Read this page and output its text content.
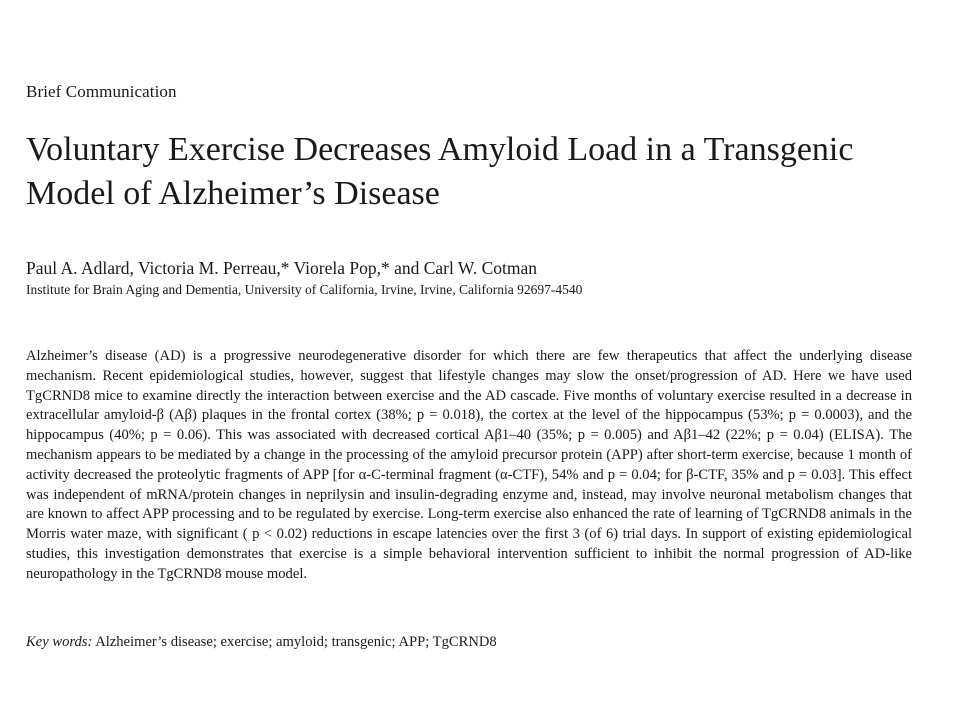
Brief Communication
Voluntary Exercise Decreases Amyloid Load in a Transgenic Model of Alzheimer’s Disease
Paul A. Adlard, Victoria M. Perreau,* Viorela Pop,* and Carl W. Cotman
Institute for Brain Aging and Dementia, University of California, Irvine, Irvine, California 92697-4540

Alzheimer’s disease (AD) is a progressive neurodegenerative disorder for which there are few therapeutics that affect the underlying disease mechanism. Recent epidemiological studies, however, suggest that lifestyle changes may slow the onset/progression of AD. Here we have used TgCRND8 mice to examine directly the interaction between exercise and the AD cascade. Five months of voluntary exercise resulted in a decrease in extracellular amyloid-β (Aβ) plaques in the frontal cortex (38%; p = 0.018), the cortex at the level of the hippocampus (53%; p = 0.0003), and the hippocampus (40%; p = 0.06). This was associated with decreased cortical Aβ1–40 (35%; p = 0.005) and Aβ1–42 (22%; p = 0.04) (ELISA). The mechanism appears to be mediated by a change in the processing of the amyloid precursor protein (APP) after short-term exercise, because 1 month of activity decreased the proteolytic fragments of APP [for α-C-terminal fragment (α-CTF), 54% and p = 0.04; for β-CTF, 35% and p = 0.03]. This effect was independent of mRNA/protein changes in neprilysin and insulin-degrading enzyme and, instead, may involve neuronal metabolism changes that are known to affect APP processing and to be regulated by exercise. Long-term exercise also enhanced the rate of learning of TgCRND8 animals in the Morris water maze, with significant ( p < 0.02) reductions in escape latencies over the first 3 (of 6) trial days. In support of existing epidemiological studies, this investigation demonstrates that exercise is a simple behavioral intervention sufficient to inhibit the normal progression of AD-like neuropathology in the TgCRND8 mouse model.

Key words: Alzheimer’s disease; exercise; amyloid; transgenic; APP; TgCRND8
